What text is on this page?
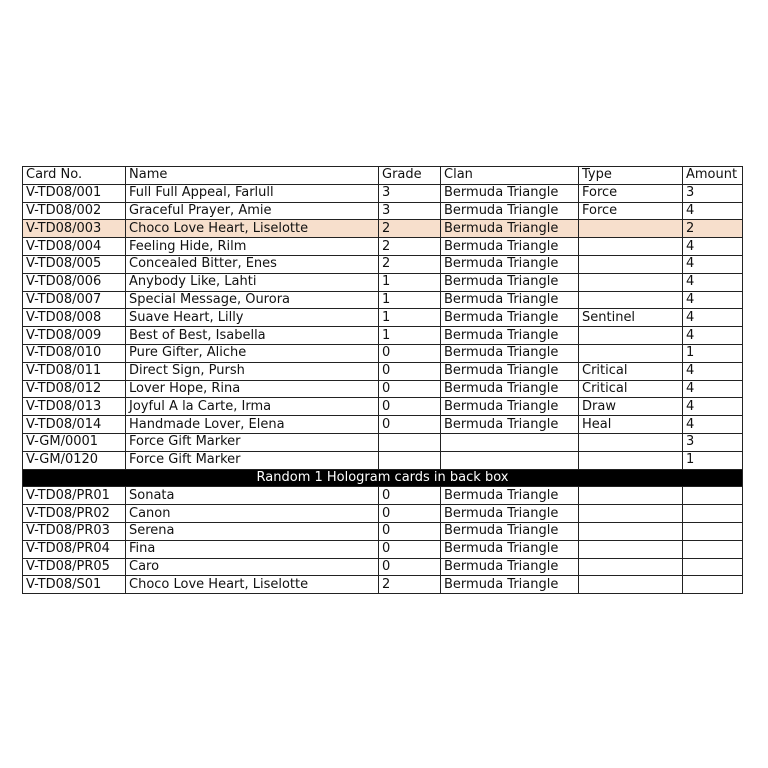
Card No.	Name	Grade	Clan	Type	Amount
V-TD08/001	Full Full Appeal, Farlull	3	Bermuda Triangle	Force	3
V-TD08/002	Graceful Prayer, Amie	3	Bermuda Triangle	Force	4
V-TD08/003	Choco Love Heart, Liselotte	2	Bermuda Triangle		2
V-TD08/004	Feeling Hide, Rilm	2	Bermuda Triangle		4
V-TD08/005	Concealed Bitter, Enes	2	Bermuda Triangle		4
V-TD08/006	Anybody Like, Lahti	1	Bermuda Triangle		4
V-TD08/007	Special Message, Ourora	1	Bermuda Triangle		4
V-TD08/008	Suave Heart, Lilly	1	Bermuda Triangle	Sentinel	4
V-TD08/009	Best of Best, Isabella	1	Bermuda Triangle		4
V-TD08/010	Pure Gifter, Aliche	0	Bermuda Triangle		1
V-TD08/011	Direct Sign, Pursh	0	Bermuda Triangle	Critical	4
V-TD08/012	Lover Hope, Rina	0	Bermuda Triangle	Critical	4
V-TD08/013	Joyful A la Carte, Irma	0	Bermuda Triangle	Draw	4
V-TD08/014	Handmade Lover, Elena	0	Bermuda Triangle	Heal	4
V-GM/0001	Force Gift Marker				3
V-GM/0120	Force Gift Marker				1
Random 1 Hologram cards in back box					
V-TD08/PR01	Sonata	0	Bermuda Triangle		
V-TD08/PR02	Canon	0	Bermuda Triangle		
V-TD08/PR03	Serena	0	Bermuda Triangle		
V-TD08/PR04	Fina	0	Bermuda Triangle		
V-TD08/PR05	Caro	0	Bermuda Triangle		
V-TD08/S01	Choco Love Heart, Liselotte	2	Bermuda Triangle		
